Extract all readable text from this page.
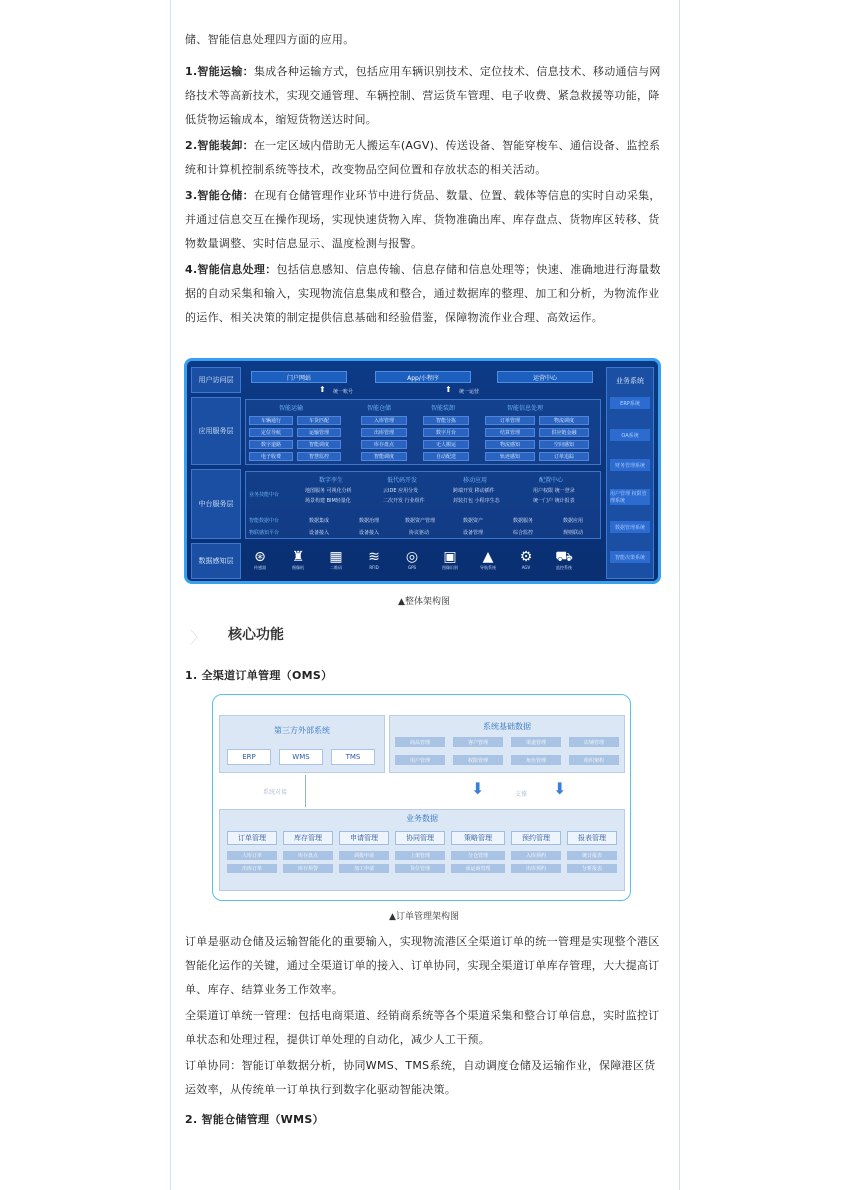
储、智能信息处理四方面的应用。

1.智能运输：集成各种运输方式，包括应用车辆识别技术、定位技术、信息技术、移动通信与网络技术等高新技术，实现交通管理、车辆控制、营运货车管理、电子收费、紧急救援等功能，降低货物运输成本，缩短货物送达时间。

2.智能装卸：在一定区域内借助无人搬运车(AGV)、传送设备、智能穿梭车、通信设备、监控系统和计算机控制系统等技术，改变物品空间位置和存放状态的相关活动。

3.智能仓储：在现有仓储管理作业环节中进行货品、数量、位置、载体等信息的实时自动采集，并通过信息交互在操作现场，实现快速货物入库、货物准确出库、库存盘点、货物库区转移、货物数量调整、实时信息显示、温度检测与报警。

4.智能信息处理：包括信息感知、信息传输、信息存储和信息处理等；快速、准确地进行海量数据的自动采集和输入，实现物流信息集成和整合，通过数据库的整理、加工和分析，为物流作业的运作、相关决策的制定提供信息基础和经验借鉴，保障物流作业合理、高效运作。

用户访问层
应用服务层
中台服务层
数据感知层
业务系统
ERP系统
OA系统
财务管理系统
用户管理 权限管理系统
数据管理系统
智能决策系统
门户网站	App/小程序	运营中心
⬆ 统一账号	⬆ 统一运营
智能运输	智能仓储	智能装卸	智能信息处理
车辆通行	车货匹配
定位导航	运输管理
数字道路	智能调度
电子收费	智慧监控
入库管理
出库管理
库存盘点
智能调度
智能分拣
数字月台
无人搬运
自动配送
订单管理	物流调度
结算管理	供应链金融
物流感知	空间感知
轨迹感知	订单追踪
业务技能中台
智能数据中台
物联感知平台
数字孪生
地图服务 可视化分析
场景构建 BIM轻量化
低代码开发
云IDE 应用分发
二次开发 行业组件
移动应用
跨端开发 移动插件
封装打包 小程序生态
配置中心
用户权限 统一登录
统一门户 统计报表
数据集成	数据治理	数据资产管理	数据资产	数据服务	数据应用
设备接入	设备接入	协议驱动	设备管理	综合监控	规则联动
⊛
传感器
♜
摄像机
▦
二维码
≋
RFID
◎
GPS
▣
图像识别
▲
导航系统
⚙
AGV
⛟
监控系统
▲整体架构图
〉 核心功能
1. 全渠道订单管理（OMS）
第三方外部系统
ERP	WMS	TMS
系统基础数据
商品管理	客户管理	渠道管理	店铺管理
用户管理	权限管理	角色管理	组织架构
系统对接	⬇	支撑 ⬇
业务数据
订单管理
人库订单
出库订单
库存管理
库存盘点
库存预警
申请管理
调拨申请
加工申请
协同管理
上架管理
货位管理
策略管理
分仓管理
承运商管理
预约管理
入库预约
出库预约
报表管理
统计报表
分析报表
▲订单管理架构图

订单是驱动仓储及运输智能化的重要输入，实现物流港区全渠道订单的统一管理是实现整个港区智能化运作的关键，通过全渠道订单的接入、订单协同，实现全渠道订单库存管理，大大提高订单、库存、结算业务工作效率。

全渠道订单统一管理：包括电商渠道、经销商系统等各个渠道采集和整合订单信息，实时监控订单状态和处理过程，提供订单处理的自动化，减少人工干预。

订单协同：智能订单数据分析，协同WMS、TMS系统，自动调度仓储及运输作业，保障港区货运效率，从传统单一订单执行到数字化驱动智能决策。

2. 智能仓储管理（WMS）
